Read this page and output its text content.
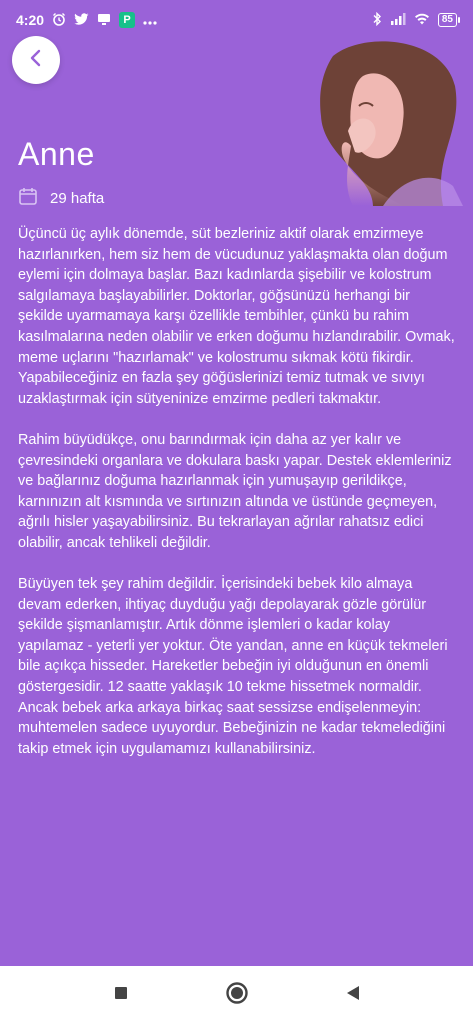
4:20	P	85
Anne
29 hafta

Üçüncü üç aylık dönemde, süt bezleriniz aktif olarak emzirmeye hazırlanırken, hem siz hem de vücudunuz yaklaşmakta olan doğum eylemi için dolmaya başlar. Bazı kadınlarda şişebilir ve kolostrum salgılamaya başlayabilirler. Doktorlar, göğsünüzü herhangi bir şekilde uyarmamaya karşı özellikle tembihler, çünkü bu rahim kasılmalarına neden olabilir ve erken doğumu hızlandırabilir. Ovmak, meme uçlarını "hazırlamak" ve kolostrumu sıkmak kötü fikirdir. Yapabileceğiniz en fazla şey göğüslerinizi temiz tutmak ve sıvıyı uzaklaştırmak için sütyeninize emzirme pedleri takmaktır.

Rahim büyüdükçe, onu barındırmak için daha az yer kalır ve çevresindeki organlara ve dokulara baskı yapar. Destek eklemleriniz ve bağlarınız doğuma hazırlanmak için yumuşayıp gerildikçe, karnınızın alt kısmında ve sırtınızın altında ve üstünde geçmeyen, ağrılı hisler yaşayabilirsiniz. Bu tekrarlayan ağrılar rahatsız edici olabilir, ancak tehlikeli değildir.

Büyüyen tek şey rahim değildir. İçerisindeki bebek kilo almaya devam ederken, ihtiyaç duyduğu yağı depolayarak gözle görülür şekilde şişmanlamıştır. Artık dönme işlemleri o kadar kolay yapılamaz - yeterli yer yoktur. Öte yandan, anne en küçük tekmeleri bile açıkça hisseder. Hareketler bebeğin iyi olduğunun en önemli göstergesidir. 12 saatte yaklaşık 10 tekme hissetmek normaldir. Ancak bebek arka arkaya birkaç saat sessizse endişelenmeyin: muhtemelen sadece uyuyordur. Bebeğinizin ne kadar tekmelediğini takip etmek için uygulamamızı kullanabilirsiniz.
